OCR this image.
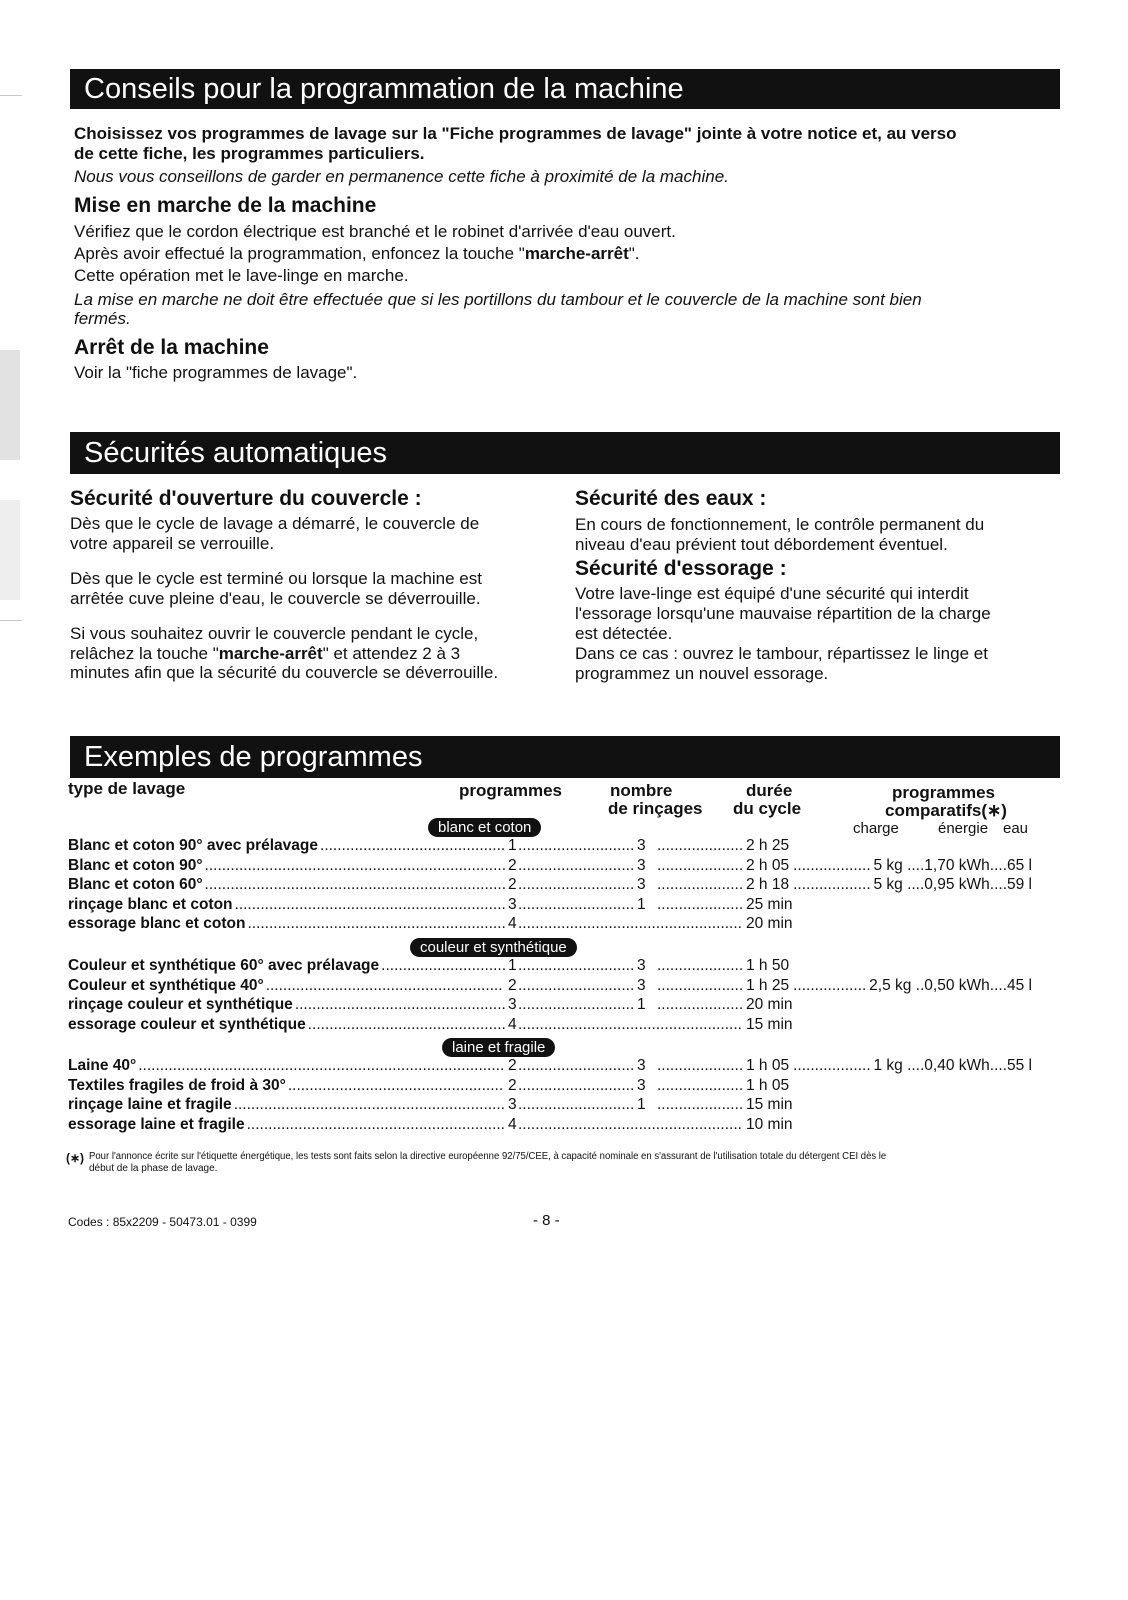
Conseils pour la programmation de la machine
Choisissez vos programmes de lavage sur la "Fiche programmes de lavage" jointe à votre notice et, au verso
de cette fiche, les programmes particuliers.
Nous vous conseillons de garder en permanence cette fiche à proximité de la machine.
Mise en marche de la machine
Vérifiez que le cordon électrique est branché et le robinet d'arrivée d'eau ouvert.
Après avoir effectué la programmation, enfoncez la touche "marche-arrêt".
Cette opération met le lave-linge en marche.
La mise en marche ne doit être effectuée que si les portillons du tambour et le couvercle de la machine sont bien
fermés.
Arrêt de la machine
Voir la "fiche programmes de lavage".
Sécurités automatiques
Sécurité d'ouverture du couvercle :
Dès que le cycle de lavage a démarré, le couvercle de
votre appareil se verrouille.
Dès que le cycle est terminé ou lorsque la machine est
arrêtée cuve pleine d'eau, le couvercle se déverrouille.
Si vous souhaitez ouvrir le couvercle pendant le cycle,
relâchez la touche "marche-arrêt" et attendez 2 à 3
minutes afin que la sécurité du couvercle se déverrouille.
Sécurité des eaux :
En cours de fonctionnement, le contrôle permanent du
niveau d'eau prévient tout débordement éventuel.
Sécurité d'essorage :
Votre lave-linge est équipé d'une sécurité qui interdit
l'essorage lorsqu'une mauvaise répartition de la charge
est détectée.
Dans ce cas : ouvrez le tambour, répartissez le linge et
programmez un nouvel essorage.
Exemples de programmes
type de lavage	programmes	nombre
de rinçages
durée
du cycle
programmes
comparatifs(∗)
charge	énergie eau
blanc et coton
Blanc et coton 90° avec prélavage ........................................... 1 ........................... 3 .................... 2 h 25
Blanc et coton 90° ...................................................................... 2 ........................... 3 .................... 2 h 05 .................. 5 kg ....1,70 kWh....65 l
Blanc et coton 60° ...................................................................... 2 ........................... 3 .................... 2 h 18 .................. 5 kg ....0,95 kWh....59 l
rinçage blanc et coton ............................................................... 3 ........................... 1 .................... 25 min
essorage blanc et coton ............................................................ 4 .................................................... 20 min
couleur et synthétique
Couleur et synthétique 60° avec prélavage ............................. 1 ........................... 3 .................... 1 h 50
Couleur et synthétique 40° ....................................................... 2 ........................... 3 .................... 1 h 25 ................. 2,5 kg ..0,50 kWh....45 l
rinçage couleur et synthétique ................................................. 3 ........................... 1 .................... 20 min
essorage couleur et synthétique .............................................. 4 .................................................... 15 min
laine et fragile
Laine 40° ..................................................................................... 2 ........................... 3 .................... 1 h 05 .................. 1 kg ....0,40 kWh....55 l
Textiles fragiles de froid à 30° .................................................. 2 ........................... 3 .................... 1 h 05
rinçage laine et fragile ............................................................... 3 ........................... 1 .................... 15 min
essorage laine et fragile ............................................................ 4 .................................................... 10 min
(∗) Pour l'annonce écrite sur l'étiquette énergétique, les tests sont faits selon la directive européenne 92/75/CEE, à capacité nominale en s'assurant de l'utilisation totale du détergent CEI dès le
début de la phase de lavage.
Codes : 85x2209 - 50473.01 - 0399	- 8 -
